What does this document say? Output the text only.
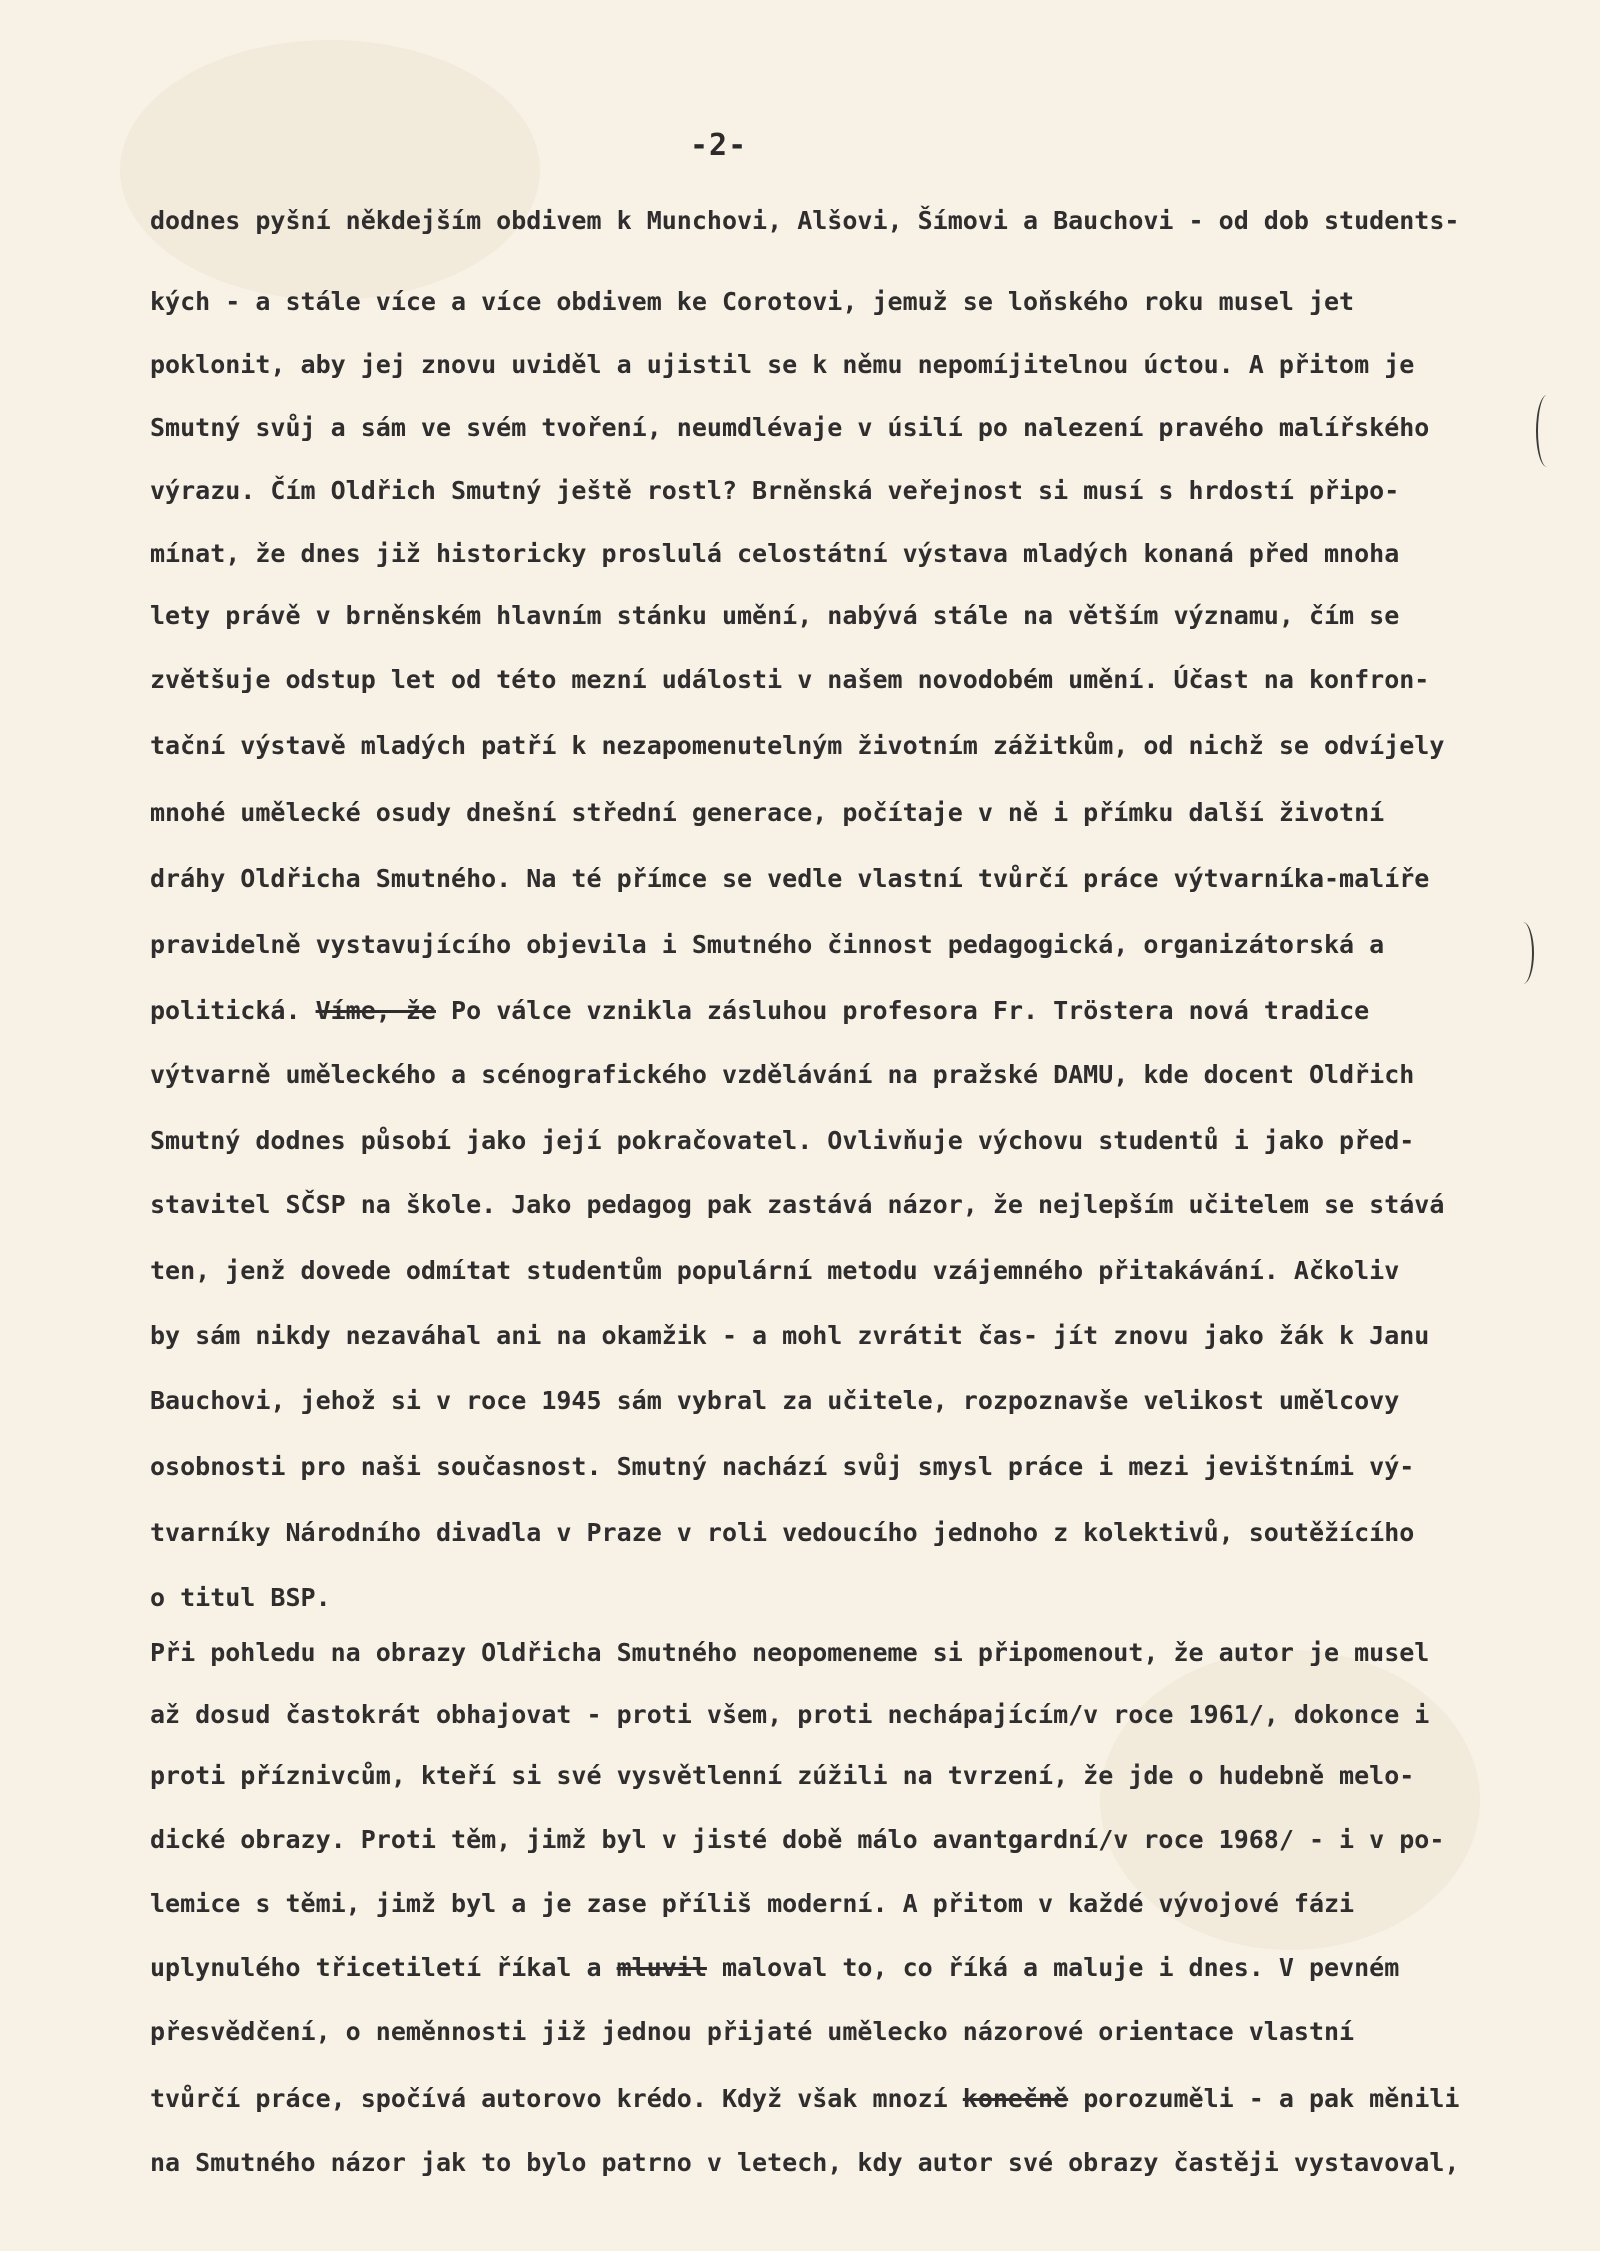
-2-
dodnes pyšní někdejším obdivem k Munchovi, Alšovi, Šímovi a Bauchovi - od dob students-
kých - a stále více a více obdivem ke Corotovi, jemuž se loňského roku musel jet
poklonit, aby jej znovu uviděl a ujistil se k němu nepomíjitelnou úctou. A přitom je
Smutný svůj a sám ve svém tvoření, neumdlévaje v úsilí po nalezení pravého malířského
výrazu. Čím Oldřich Smutný ještě rostl? Brněnská veřejnost si musí s hrdostí připo-
mínat, že dnes již historicky proslulá celostátní výstava mladých konaná před mnoha
lety právě v brněnském hlavním stánku umění, nabývá stále na větším významu, čím se
zvětšuje odstup let od této mezní události v našem novodobém umění. Účast na konfron-
tační výstavě mladých patří k nezapomenutelným životním zážitkům, od nichž se odvíjely
mnohé umělecké osudy dnešní střední generace, počítaje v ně i přímku další životní
dráhy Oldřicha Smutného. Na té přímce se vedle vlastní tvůrčí práce výtvarníka-malíře
pravidelně vystavujícího objevila i Smutného činnost pedagogická, organizátorská a
politická. Víme, že Po válce vznikla zásluhou profesora Fr. Tröstera nová tradice
výtvarně uměleckého a scénografického vzdělávání na pražské DAMU, kde docent Oldřich
Smutný dodnes působí jako její pokračovatel. Ovlivňuje výchovu studentů i jako před-
stavitel SČSP na škole. Jako pedagog pak zastává názor, že nejlepším učitelem se stává
ten, jenž dovede odmítat studentům populární metodu vzájemného přitakávání. Ačkoliv
by sám nikdy nezaváhal ani na okamžik - a mohl zvrátit čas- jít znovu jako žák k Janu
Bauchovi, jehož si v roce 1945 sám vybral za učitele, rozpoznavše velikost umělcovy
osobnosti pro naši současnost. Smutný nachází svůj smysl práce i mezi jevištními vý-
tvarníky Národního divadla v Praze v roli vedoucího jednoho z kolektivů, soutěžícího
o titul BSP.
Při pohledu na obrazy Oldřicha Smutného neopomeneme si připomenout, že autor je musel
až dosud častokrát obhajovat - proti všem, proti nechápajícím/v roce 1961/, dokonce i
proti příznivcům, kteří si své vysvětlenní zúžili na tvrzení, že jde o hudebně melo-
dické obrazy. Proti těm, jimž byl v jisté době málo avantgardní/v roce 1968/ - i v po-
lemice s těmi, jimž byl a je zase příliš moderní. A přitom v každé vývojové fázi
uplynulého třicetiletí říkal a mluvil maloval to, co říká a maluje i dnes. V pevném
přesvědčení, o neměnnosti již jednou přijaté umělecko názorové orientace vlastní
tvůrčí práce, spočívá autorovo krédo. Když však mnozí konečně porozuměli - a pak měnili
na Smutného názor jak to bylo patrno v letech, kdy autor své obrazy častěji vystavoval,
